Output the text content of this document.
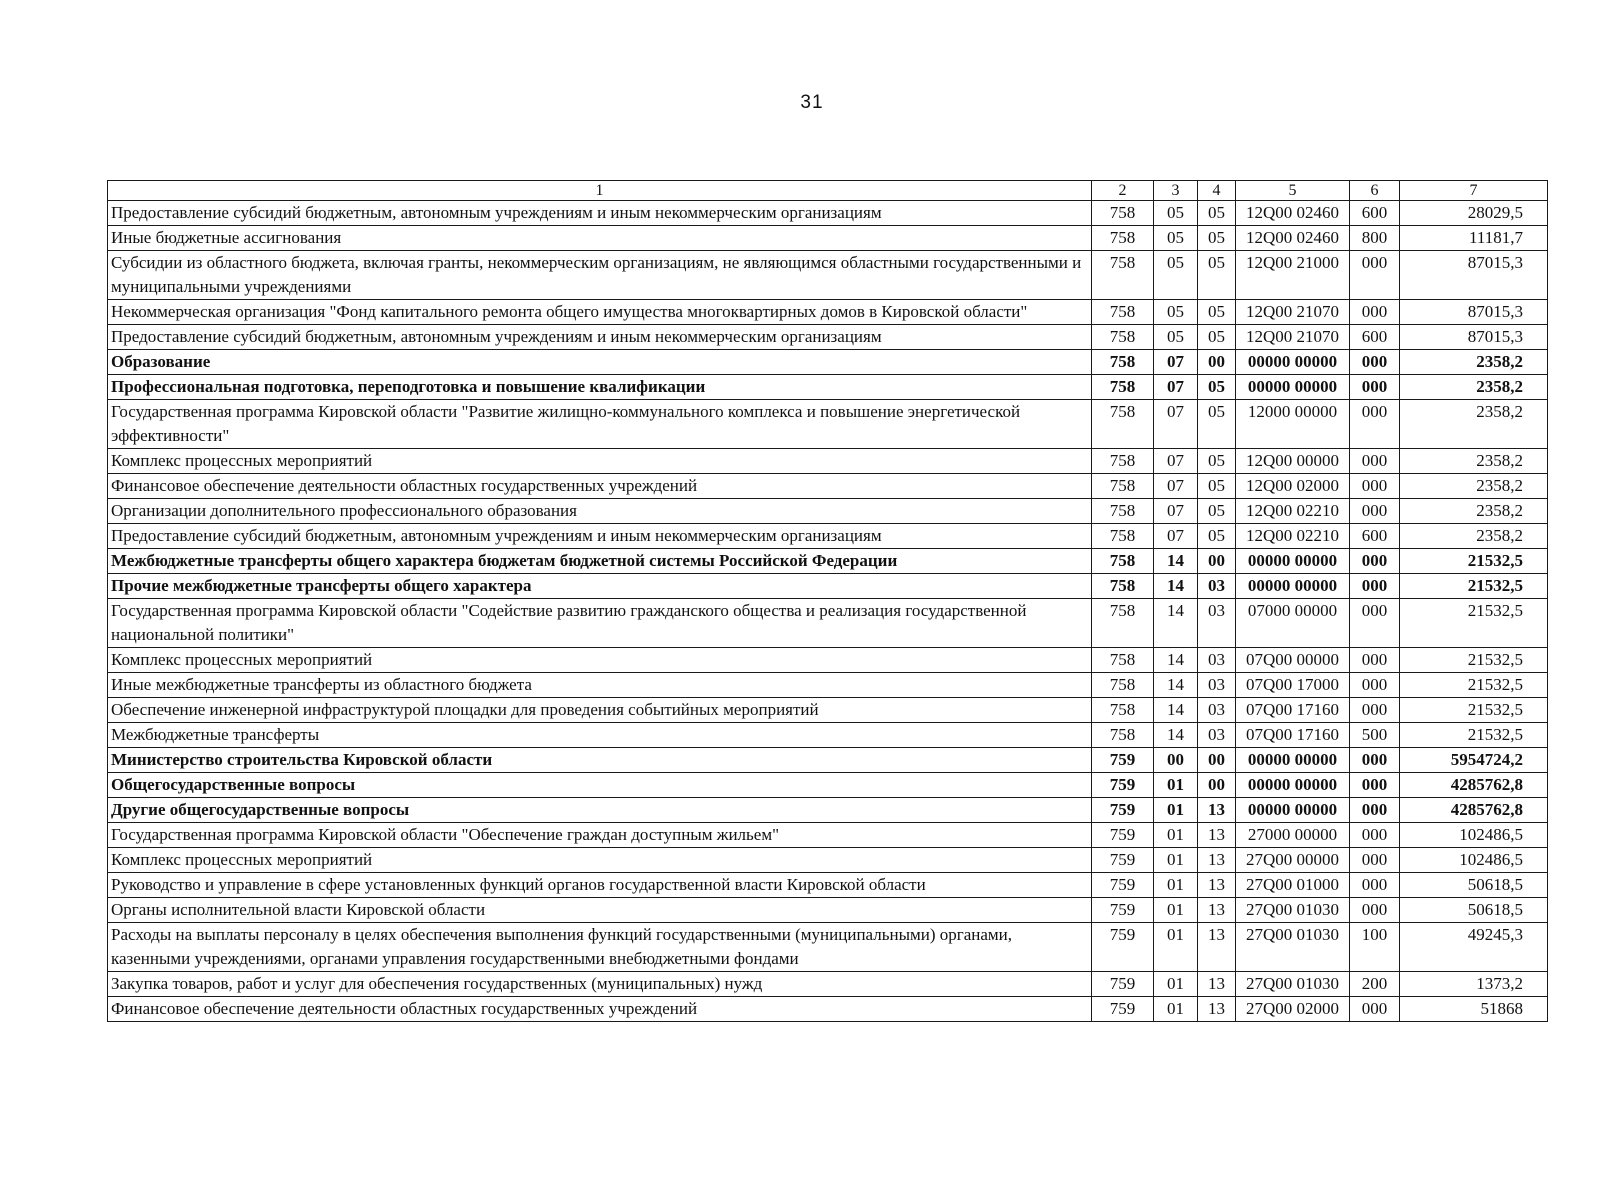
31
1	2	3	4	5	6	7
Предоставление субсидий бюджетным, автономным учреждениям и иным некоммерческим организациям	758	05	05	12Q00 02460	600	28029,5
Иные бюджетные ассигнования	758	05	05	12Q00 02460	800	11181,7
Субсидии из областного бюджета, включая гранты, некоммерческим организациям, не являющимся областными государственными и муниципальными учреждениями	758	05	05	12Q00 21000	000	87015,3
Некоммерческая организация "Фонд капитального ремонта общего имущества многоквартирных домов в Кировской области"	758	05	05	12Q00 21070	000	87015,3
Предоставление субсидий бюджетным, автономным учреждениям и иным некоммерческим организациям	758	05	05	12Q00 21070	600	87015,3
Образование	758	07	00	00000 00000	000	2358,2
Профессиональная подготовка, переподготовка и повышение квалификации	758	07	05	00000 00000	000	2358,2
Государственная программа Кировской области "Развитие жилищно-коммунального комплекса и повышение энергетической эффективности"	758	07	05	12000 00000	000	2358,2
Комплекс процессных мероприятий	758	07	05	12Q00 00000	000	2358,2
Финансовое обеспечение деятельности областных государственных учреждений	758	07	05	12Q00 02000	000	2358,2
Организации дополнительного профессионального образования	758	07	05	12Q00 02210	000	2358,2
Предоставление субсидий бюджетным, автономным учреждениям и иным некоммерческим организациям	758	07	05	12Q00 02210	600	2358,2
Межбюджетные трансферты общего характера бюджетам бюджетной системы Российской Федерации	758	14	00	00000 00000	000	21532,5
Прочие межбюджетные трансферты общего характера	758	14	03	00000 00000	000	21532,5
Государственная программа Кировской области "Содействие развитию гражданского общества и реализация государственной национальной политики"	758	14	03	07000 00000	000	21532,5
Комплекс процессных мероприятий	758	14	03	07Q00 00000	000	21532,5
Иные межбюджетные трансферты из областного бюджета	758	14	03	07Q00 17000	000	21532,5
Обеспечение инженерной инфраструктурой площадки для проведения событийных мероприятий	758	14	03	07Q00 17160	000	21532,5
Межбюджетные трансферты	758	14	03	07Q00 17160	500	21532,5
Министерство строительства Кировской области	759	00	00	00000 00000	000	5954724,2
Общегосударственные вопросы	759	01	00	00000 00000	000	4285762,8
Другие общегосударственные вопросы	759	01	13	00000 00000	000	4285762,8
Государственная программа Кировской области "Обеспечение граждан доступным жильем"	759	01	13	27000 00000	000	102486,5
Комплекс процессных мероприятий	759	01	13	27Q00 00000	000	102486,5
Руководство и управление в сфере установленных функций органов государственной власти Кировской области	759	01	13	27Q00 01000	000	50618,5
Органы исполнительной власти Кировской области	759	01	13	27Q00 01030	000	50618,5
Расходы на выплаты персоналу в целях обеспечения выполнения функций государственными (муниципальными) органами, казенными учреждениями, органами управления государственными внебюджетными фондами	759	01	13	27Q00 01030	100	49245,3
Закупка товаров, работ и услуг для обеспечения государственных (муниципальных) нужд	759	01	13	27Q00 01030	200	1373,2
Финансовое обеспечение деятельности областных государственных учреждений	759	01	13	27Q00 02000	000	51868
